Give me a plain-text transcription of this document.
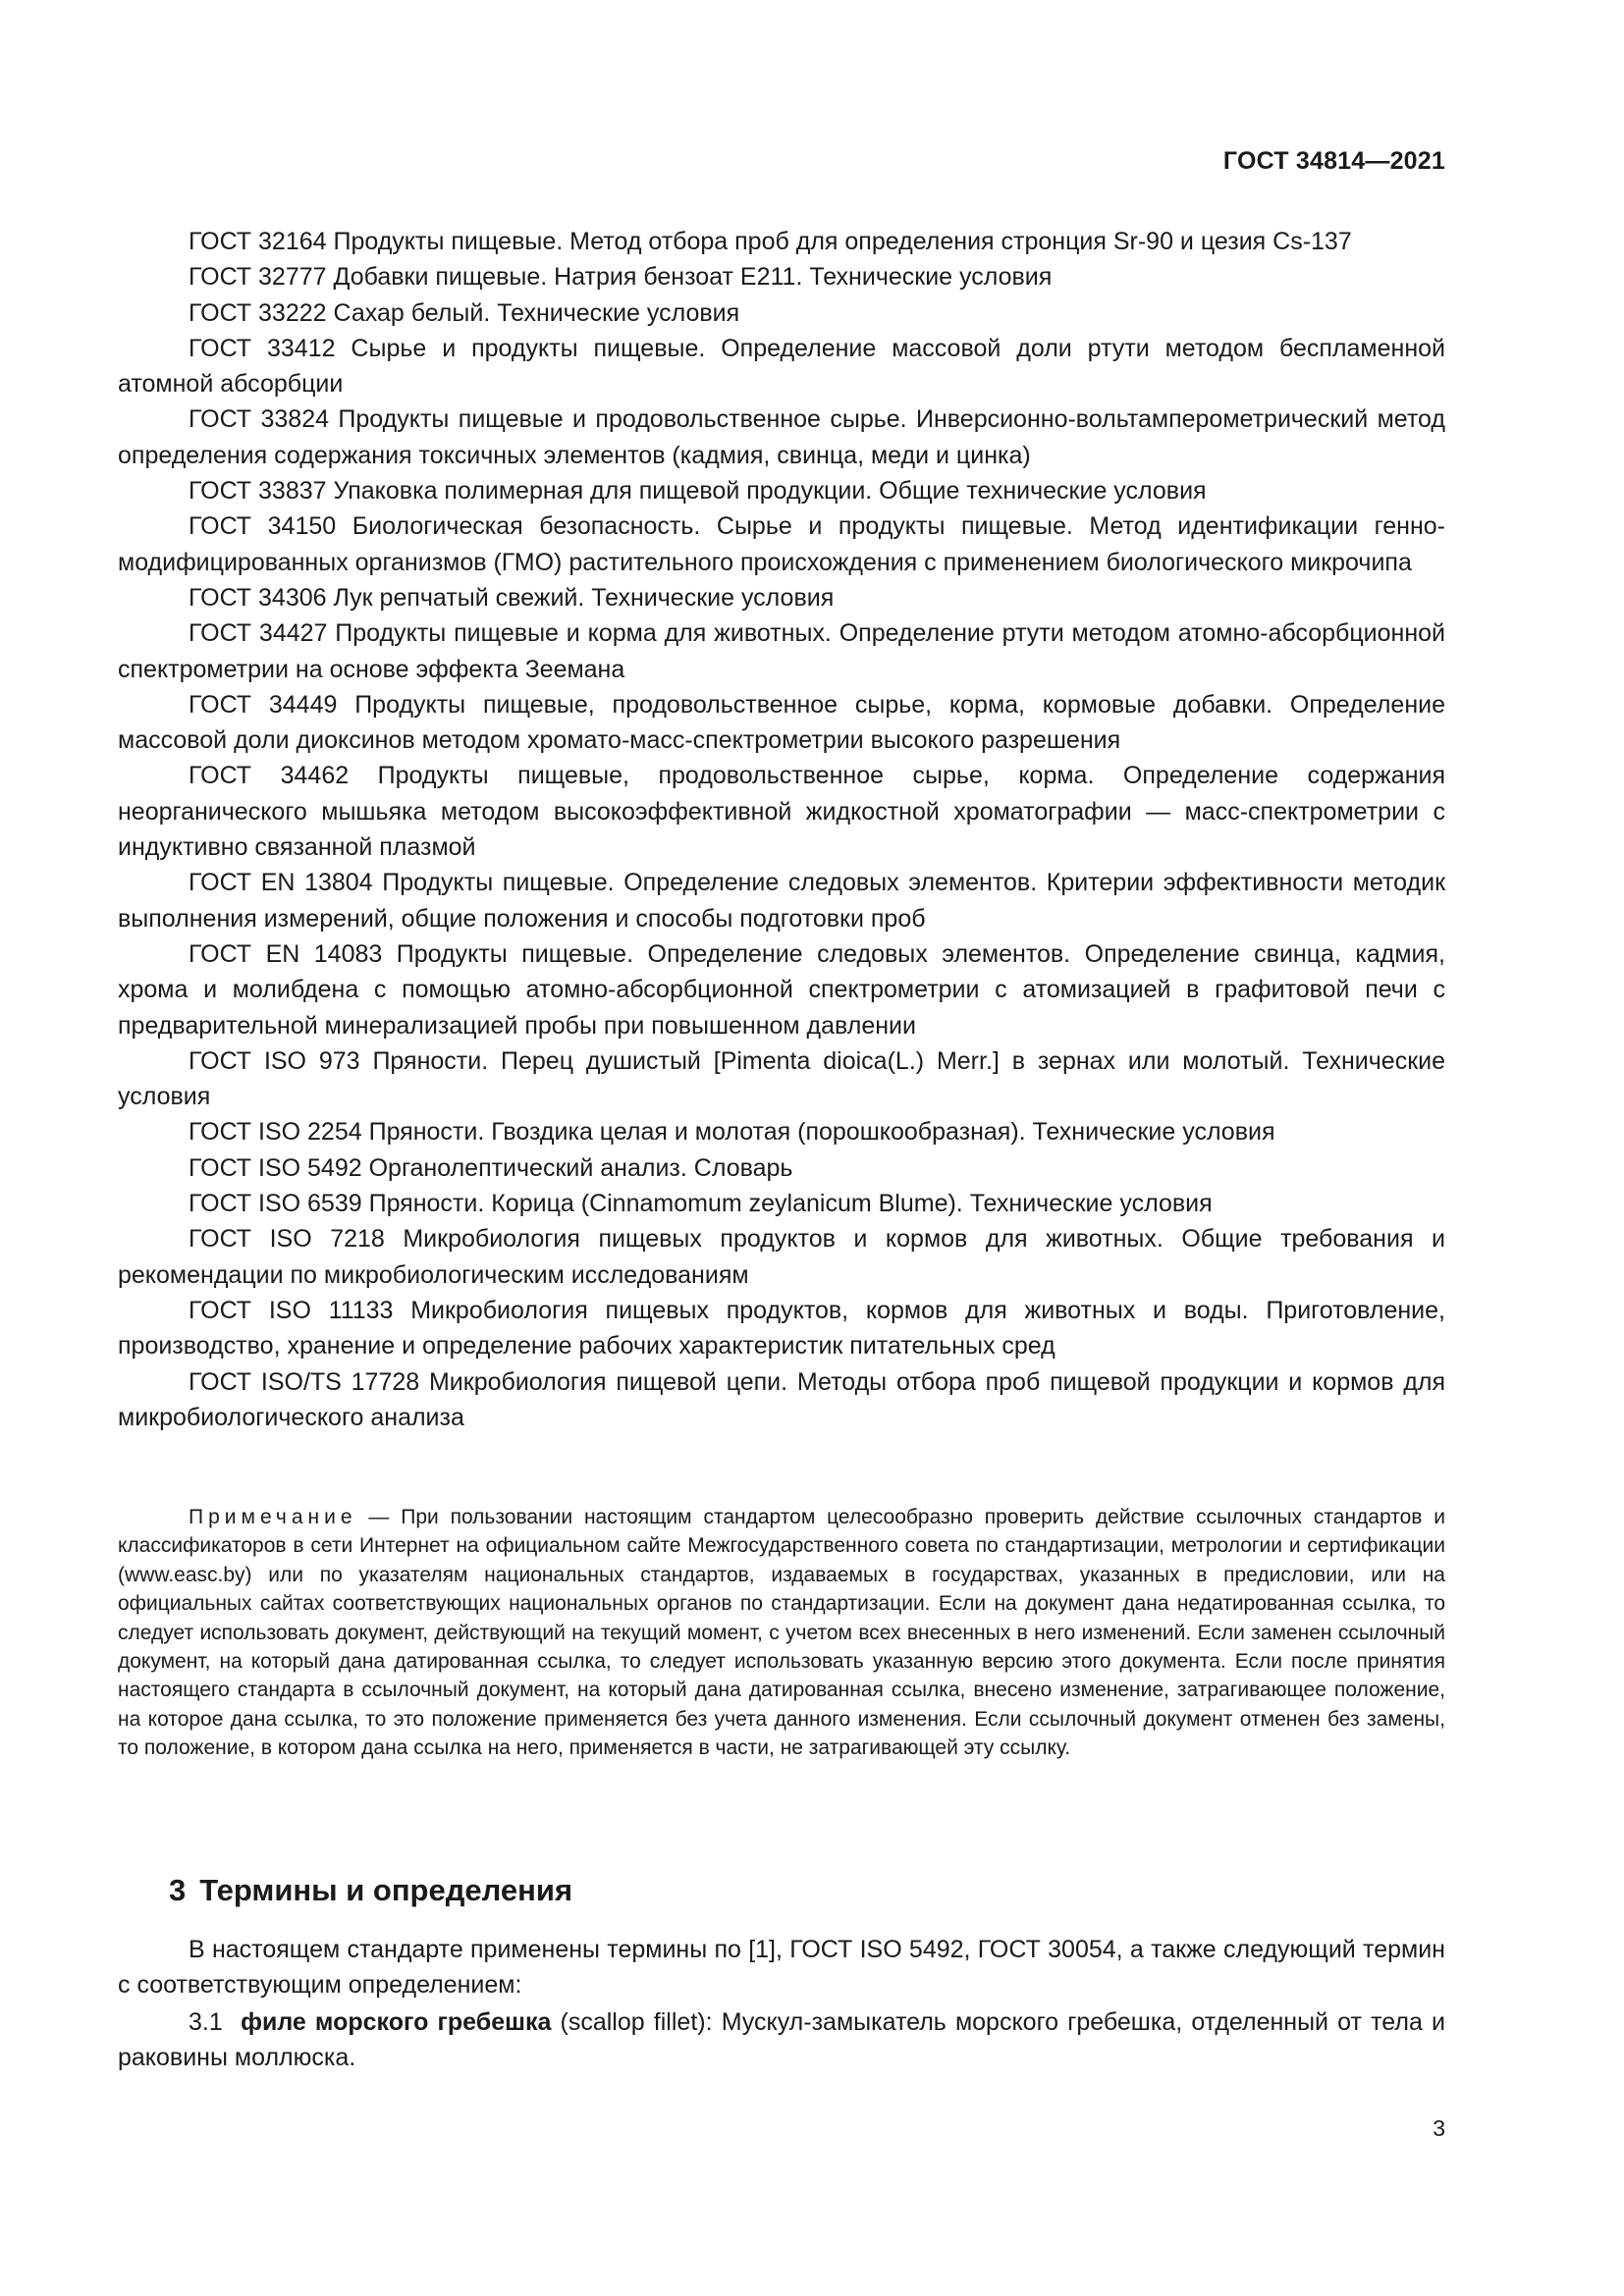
ГОСТ 34814—2021

ГОСТ 32164 Продукты пищевые. Метод отбора проб для определения стронция Sr-90 и цезия Cs-137

ГОСТ 32777 Добавки пищевые. Натрия бензоат E211. Технические условия

ГОСТ 33222 Сахар белый. Технические условия

ГОСТ 33412 Сырье и продукты пищевые. Определение массовой доли ртути методом беспламенной атомной абсорбции

ГОСТ 33824 Продукты пищевые и продовольственное сырье. Инверсионно-вольтамперометрический метод определения содержания токсичных элементов (кадмия, свинца, меди и цинка)

ГОСТ 33837 Упаковка полимерная для пищевой продукции. Общие технические условия

ГОСТ 34150 Биологическая безопасность. Сырье и продукты пищевые. Метод идентификации генно-модифицированных организмов (ГМО) растительного происхождения с применением биологического микрочипа

ГОСТ 34306 Лук репчатый свежий. Технические условия

ГОСТ 34427 Продукты пищевые и корма для животных. Определение ртути методом атомно-абсорбционной спектрометрии на основе эффекта Зеемана

ГОСТ 34449 Продукты пищевые, продовольственное сырье, корма, кормовые добавки. Определение массовой доли диоксинов методом хромато-масс-спектрометрии высокого разрешения

ГОСТ 34462 Продукты пищевые, продовольственное сырье, корма. Определение содержания неорганического мышьяка методом высокоэффективной жидкостной хроматографии — масс-спектрометрии с индуктивно связанной плазмой

ГОСТ EN 13804 Продукты пищевые. Определение следовых элементов. Критерии эффективности методик выполнения измерений, общие положения и способы подготовки проб

ГОСТ EN 14083 Продукты пищевые. Определение следовых элементов. Определение свинца, кадмия, хрома и молибдена с помощью атомно-абсорбционной спектрометрии с атомизацией в графитовой печи с предварительной минерализацией пробы при повышенном давлении

ГОСТ ISO 973 Пряности. Перец душистый [Pimenta dioica(L.) Merr.] в зернах или молотый. Технические условия

ГОСТ ISO 2254 Пряности. Гвоздика целая и молотая (порошкообразная). Технические условия

ГОСТ ISO 5492 Органолептический анализ. Словарь

ГОСТ ISO 6539 Пряности. Корица (Cinnamomum zeylanicum Blume). Технические условия

ГОСТ ISO 7218 Микробиология пищевых продуктов и кормов для животных. Общие требования и рекомендации по микробиологическим исследованиям

ГОСТ ISO 11133 Микробиология пищевых продуктов, кормов для животных и воды. Приготовление, производство, хранение и определение рабочих характеристик питательных сред

ГОСТ ISO/TS 17728 Микробиология пищевой цепи. Методы отбора проб пищевой продукции и кормов для микробиологического анализа

Примечание — При пользовании настоящим стандартом целесообразно проверить действие ссылочных стандартов и классификаторов в сети Интернет на официальном сайте Межгосударственного совета по стандартизации, метрологии и сертификации (www.easc.by) или по указателям национальных стандартов, издаваемых в государствах, указанных в предисловии, или на официальных сайтах соответствующих национальных органов по стандартизации. Если на документ дана недатированная ссылка, то следует использовать документ, действующий на текущий момент, с учетом всех внесенных в него изменений. Если заменен ссылочный документ, на который дана датированная ссылка, то следует использовать указанную версию этого документа. Если после принятия настоящего стандарта в ссылочный документ, на который дана датированная ссылка, внесено изменение, затрагивающее положение, на которое дана ссылка, то это положение применяется без учета данного изменения. Если ссылочный документ отменен без замены, то положение, в котором дана ссылка на него, применяется в части, не затрагивающей эту ссылку.

3 Термины и определения

В настоящем стандарте применены термины по [1], ГОСТ ISO 5492, ГОСТ 30054, а также следующий термин с соответствующим определением:

3.1 филе морского гребешка (scallop fillet): Мускул-замыкатель морского гребешка, отделенный от тела и раковины моллюска.

3
